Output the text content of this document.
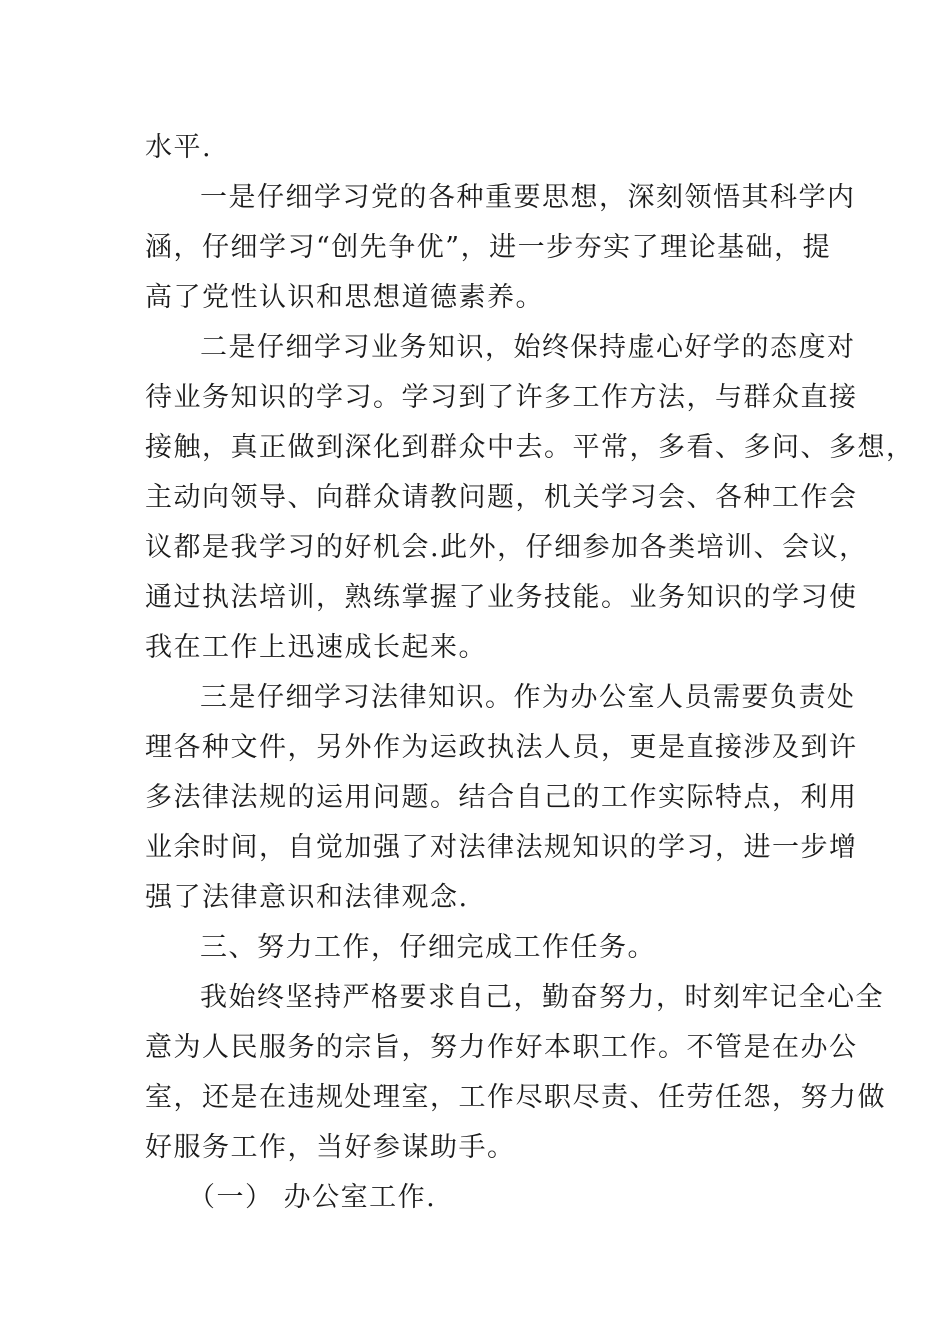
水平.
一是仔细学习党的各种重要思想，深刻领悟其科学内
涵，仔细学习“创先争优”，进一步夯实了理论基础，提
高了党性认识和思想道德素养。
二是仔细学习业务知识，始终保持虚心好学的态度对
待业务知识的学习。学习到了许多工作方法，与群众直接
接触，真正做到深化到群众中去。平常，多看、多问、多想，
主动向领导、向群众请教问题，机关学习会、各种工作会
议都是我学习的好机会.此外，仔细参加各类培训、会议，
通过执法培训，熟练掌握了业务技能。业务知识的学习使
我在工作上迅速成长起来。
三是仔细学习法律知识。作为办公室人员需要负责处
理各种文件，另外作为运政执法人员，更是直接涉及到许
多法律法规的运用问题。结合自己的工作实际特点，利用
业余时间，自觉加强了对法律法规知识的学习，进一步增
强了法律意识和法律观念.
三、努力工作，仔细完成工作任务。
我始终坚持严格要求自己，勤奋努力，时刻牢记全心全
意为人民服务的宗旨，努力作好本职工作。不管是在办公
室，还是在违规处理室，工作尽职尽责、任劳任怨，努力做
好服务工作，当好参谋助手。
（一） 办公室工作.
